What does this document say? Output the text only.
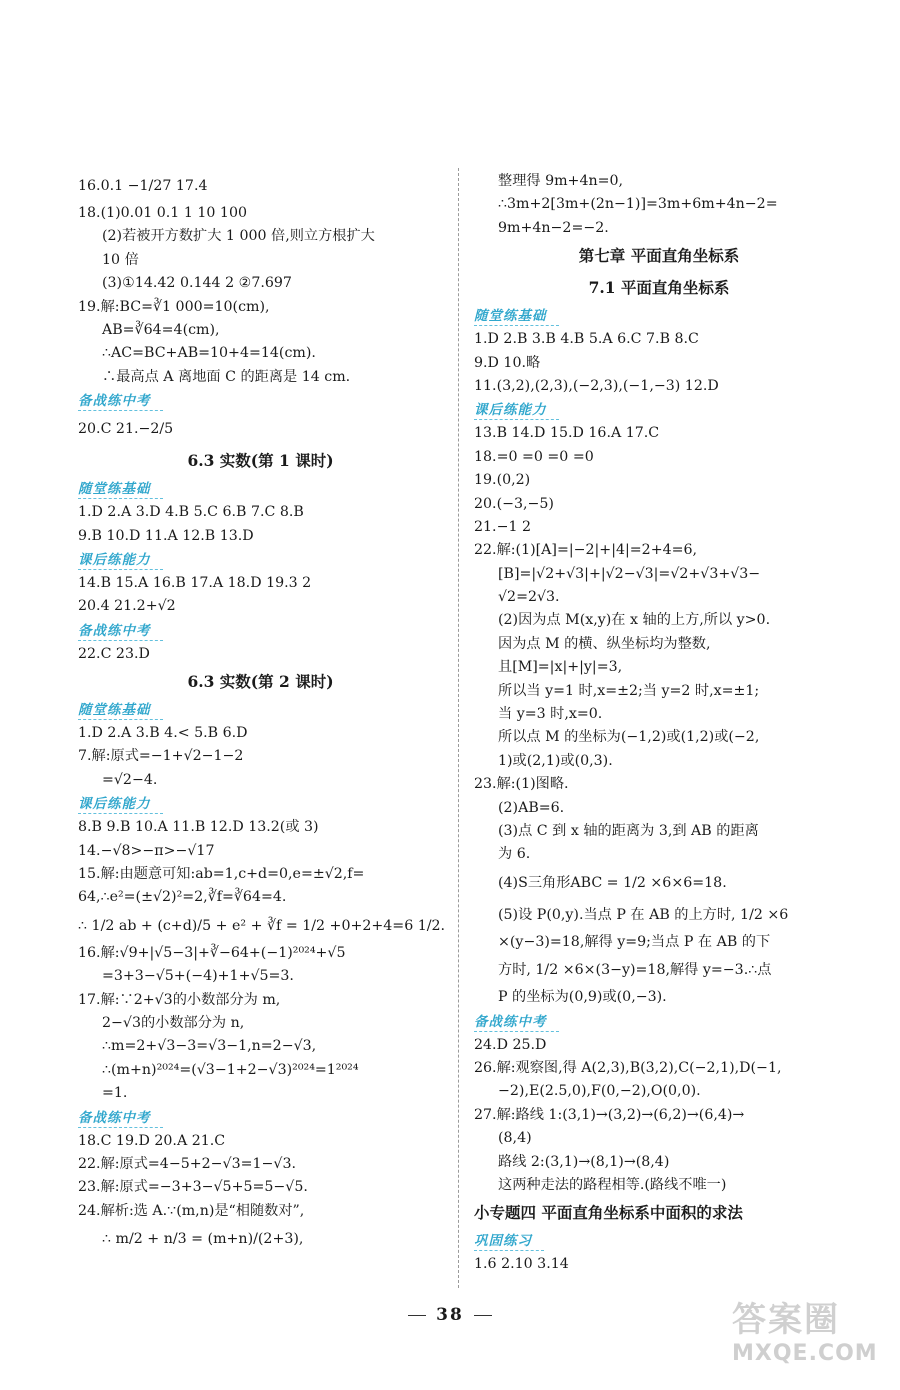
16.0.1 −1/27 17.4
18.(1)0.01 0.1 1 10 100
(2)若被开方数扩大 1 000 倍,则立方根扩大
10 倍
(3)①14.42 0.144 2 ②7.697
19.解:BC=∛1 000=10(cm),
AB=∛64=4(cm),
∴AC=BC+AB=10+4=14(cm).
∴最高点 A 离地面 C 的距离是 14 cm.
备战练中考
20.C 21.−2/5
6.3 实数(第 1 课时)
随堂练基础
1.D 2.A 3.D 4.B 5.C 6.B 7.C 8.B
9.B 10.D 11.A 12.B 13.D
课后练能力
14.B 15.A 16.B 17.A 18.D 19.3 2
20.4 21.2+√2
备战练中考
22.C 23.D
6.3 实数(第 2 课时)
随堂练基础
1.D 2.A 3.B 4.< 5.B 6.D
7.解:原式=−1+√2−1−2
=√2−4.
课后练能力
8.B 9.B 10.A 11.B 12.D 13.2(或 3)
14.−√8>−π>−√17
15.解:由题意可知:ab=1,c+d=0,e=±√2,f=
64,∴e²=(±√2)²=2,∛f=∛64=4.
∴ 1/2 ab + (c+d)/5 + e² + ∛f = 1/2 +0+2+4=6 1/2.
16.解:√9+|√5−3|+∛−64+(−1)²⁰²⁴+√5
=3+3−√5+(−4)+1+√5=3.
17.解:∵2+√3的小数部分为 m,
2−√3的小数部分为 n,
∴m=2+√3−3=√3−1,n=2−√3,
∴(m+n)²⁰²⁴=(√3−1+2−√3)²⁰²⁴=1²⁰²⁴
=1.
备战练中考
18.C 19.D 20.A 21.C
22.解:原式=4−5+2−√3=1−√3.
23.解:原式=−3+3−√5+5=5−√5.
24.解析:选 A.∵(m,n)是“相随数对”,
∴ m/2 + n/3 = (m+n)/(2+3),
整理得 9m+4n=0,
∴3m+2[3m+(2n−1)]=3m+6m+4n−2=
9m+4n−2=−2.
第七章 平面直角坐标系
7.1 平面直角坐标系
随堂练基础
1.D 2.B 3.B 4.B 5.A 6.C 7.B 8.C
9.D 10.略
11.(3,2),(2,3),(−2,3),(−1,−3) 12.D
课后练能力
13.B 14.D 15.D 16.A 17.C
18.=0 =0 =0 =0
19.(0,2)
20.(−3,−5)
21.−1 2
22.解:(1)[A]=|−2|+|4|=2+4=6,
[B]=|√2+√3|+|√2−√3|=√2+√3+√3−
√2=2√3.
(2)因为点 M(x,y)在 x 轴的上方,所以 y>0.
因为点 M 的横、纵坐标均为整数,
且[M]=|x|+|y|=3,
所以当 y=1 时,x=±2;当 y=2 时,x=±1;
当 y=3 时,x=0.
所以点 M 的坐标为(−1,2)或(1,2)或(−2,
1)或(2,1)或(0,3).
23.解:(1)图略.
(2)AB=6.
(3)点 C 到 x 轴的距离为 3,到 AB 的距离
为 6.
(4)S三角形ABC = 1/2 ×6×6=18.
(5)设 P(0,y).当点 P 在 AB 的上方时, 1/2 ×6
×(y−3)=18,解得 y=9;当点 P 在 AB 的下
方时, 1/2 ×6×(3−y)=18,解得 y=−3.∴点
P 的坐标为(0,9)或(0,−3).
备战练中考
24.D 25.D
26.解:观察图,得 A(2,3),B(3,2),C(−2,1),D(−1,
−2),E(2.5,0),F(0,−2),O(0,0).
27.解:路线 1:(3,1)→(3,2)→(6,2)→(6,4)→
(8,4)
路线 2:(3,1)→(8,1)→(8,4)
这两种走法的路程相等.(路线不唯一)
小专题四 平面直角坐标系中面积的求法
巩固练习
1.6 2.10 3.14
38	答案圈
MXQE.COM
